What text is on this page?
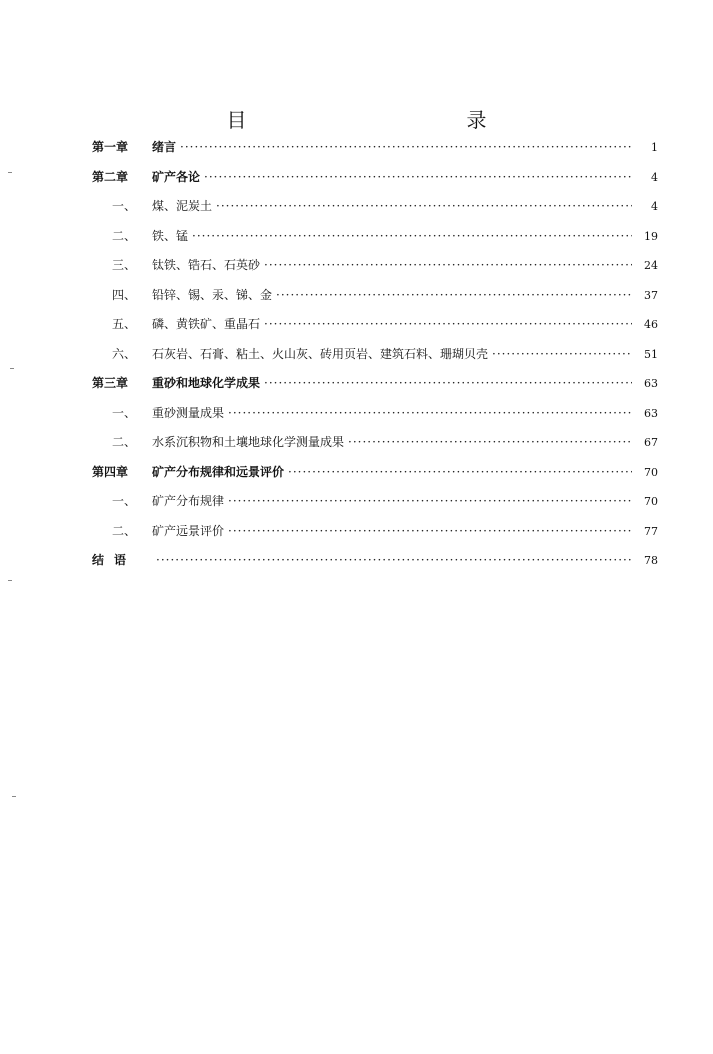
目　　录
第一章	绪言 ·····	1
第二章	矿产各论 ·····	4
一、	煤、泥炭土 ·····	4
二、	铁、锰 ·····	19
三、	钛铁、锆石、石英砂 ·····	24
四、	铅锌、锡、汞、锑、金 ·····	37
五、	磷、黄铁矿、重晶石 ·····	46
六、	石灰岩、石膏、粘土、火山灰、砖用页岩、建筑石料、珊瑚贝壳 ·····	51
第三章	重砂和地球化学成果 ·····	63
一、	重砂测量成果 ·····	63
二、	水系沉积物和土壤地球化学测量成果 ·····	67
第四章	矿产分布规律和远景评价 ·····	70
一、	矿产分布规律 ·····	70
二、	矿产远景评价 ·····	77
结语 ·····	78
